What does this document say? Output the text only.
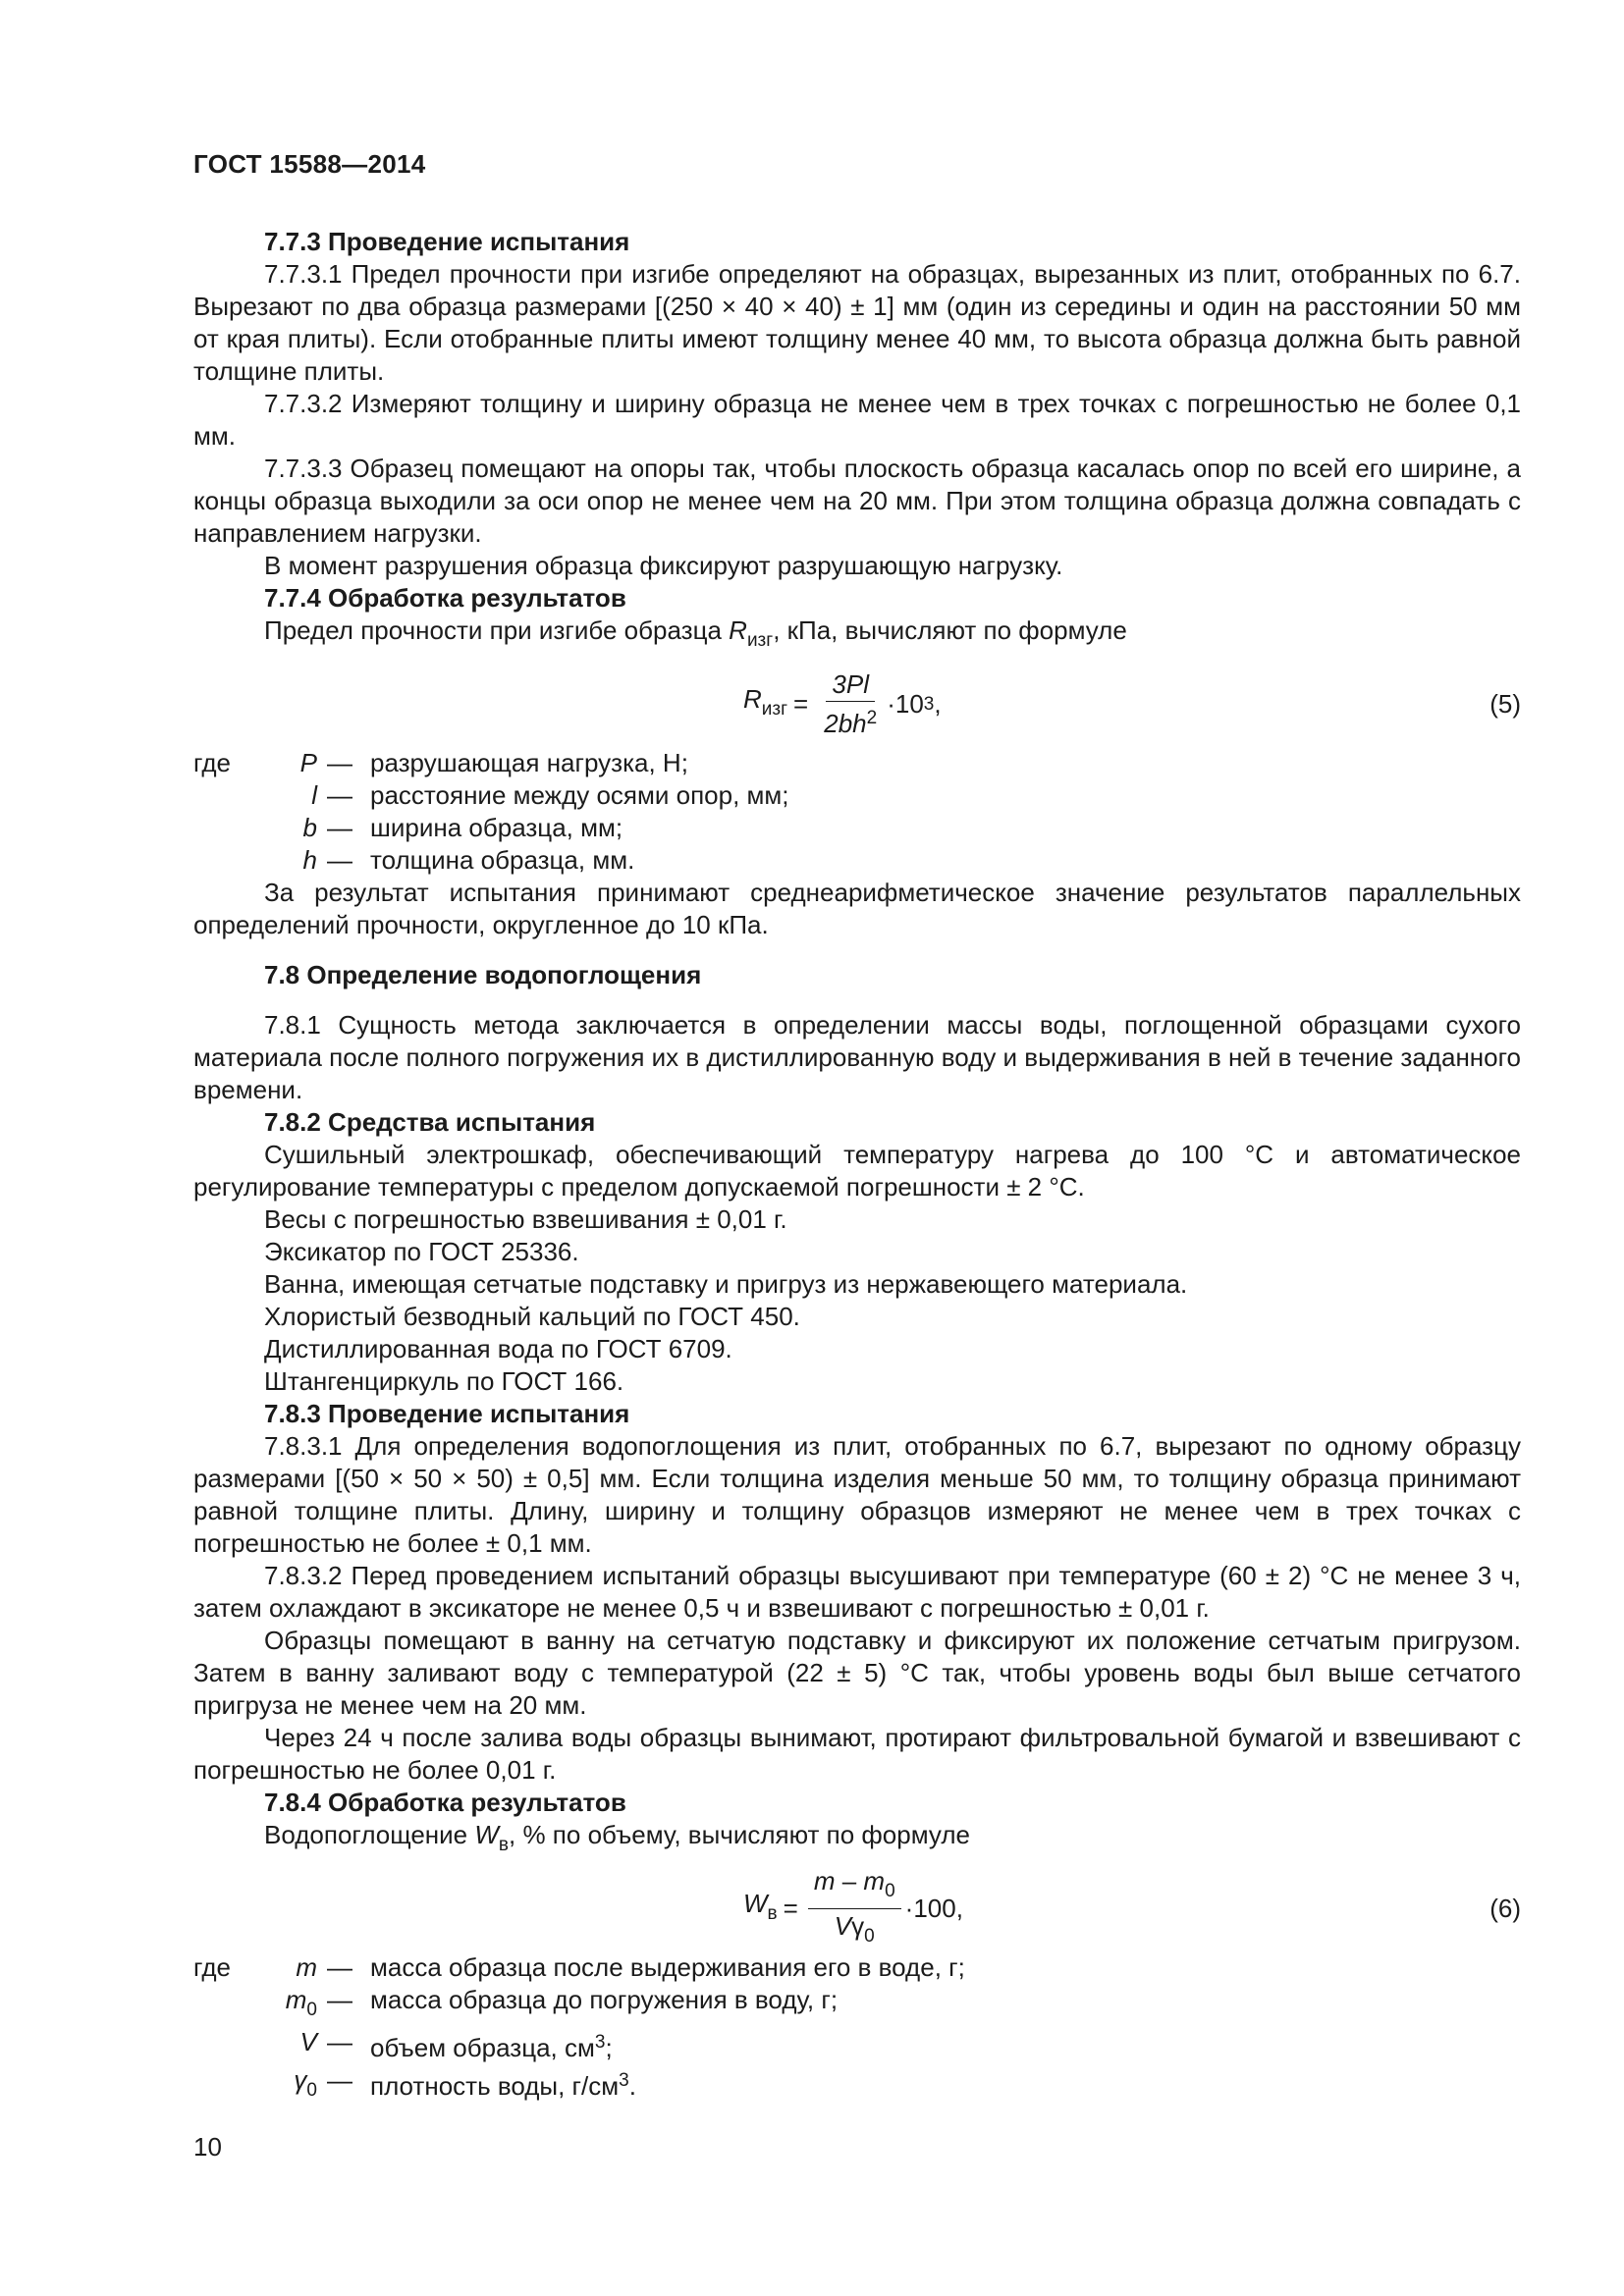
ГОСТ 15588—2014

7.7.3 Проведение испытания

7.7.3.1 Предел прочности при изгибе определяют на образцах, вырезанных из плит, отобранных по 6.7. Вырезают по два образца размерами [(250 × 40 × 40) ± 1] мм (один из середины и один на расстоянии 50 мм от края плиты). Если отобранные плиты имеют толщину менее 40 мм, то высота образца должна быть равной толщине плиты.

7.7.3.2 Измеряют толщину и ширину образца не менее чем в трех точках с погрешностью не более 0,1 мм.

7.7.3.3 Образец помещают на опоры так, чтобы плоскость образца касалась опор по всей его ширине, а концы образца выходили за оси опор не менее чем на 20 мм. При этом толщина образца должна совпадать с направлением нагрузки.

В момент разрушения образца фиксируют разрушающую нагрузку.

7.7.4 Обработка результатов

Предел прочности при изгибе образца $R_{изг}$, кПа, вычисляют по формуле

$R_{изг} = \frac{3Pl}{2bh^2} \cdot 10$ 3 ,	(5)
где	P — разрушающая нагрузка, Н;
l — расстояние между осями опор, мм;
b — ширина образца, мм;
h — толщина образца, мм.

За результат испытания принимают среднеарифметическое значение результатов параллельных определений прочности, округленное до 10 кПа.

7.8 Определение водопоглощения

7.8.1 Сущность метода заключается в определении массы воды, поглощенной образцами сухого материала после полного погружения их в дистиллированную воду и выдерживания в ней в течение заданного времени.

7.8.2 Средства испытания

Сушильный электрошкаф, обеспечивающий температуру нагрева до 100 °С и автоматическое регулирование температуры с пределом допускаемой погрешности ± 2 °С.

Весы с погрешностью взвешивания ± 0,01 г.

Эксикатор по ГОСТ 25336.

Ванна, имеющая сетчатые подставку и пригруз из нержавеющего материала.

Хлористый безводный кальций по ГОСТ 450.

Дистиллированная вода по ГОСТ 6709.

Штангенциркуль по ГОСТ 166.

7.8.3 Проведение испытания

7.8.3.1 Для определения водопоглощения из плит, отобранных по 6.7, вырезают по одному образцу размерами [(50 × 50 × 50) ± 0,5] мм. Если толщина изделия меньше 50 мм, то толщину образца принимают равной толщине плиты. Длину, ширину и толщину образцов измеряют не менее чем в трех точках с погрешностью не более ± 0,1 мм.

7.8.3.2 Перед проведением испытаний образцы высушивают при температуре (60 ± 2) °С не менее 3 ч, затем охлаждают в эксикаторе не менее 0,5 ч и взвешивают с погрешностью ± 0,01 г.

Образцы помещают в ванну на сетчатую подставку и фиксируют их положение сетчатым пригрузом. Затем в ванну заливают воду с температурой (22 ± 5) °С так, чтобы уровень воды был выше сетчатого пригруза не менее чем на 20 мм.

Через 24 ч после залива воды образцы вынимают, протирают фильтровальной бумагой и взвешивают с погрешностью не более 0,01 г.

7.8.4 Обработка результатов

Водопоглощение $W_в$, % по объему, вычисляют по формуле

$W_в = \frac{m - m_0}{V\gamma_0} \cdot 100$ ,	(6)
где	m — масса образца после выдерживания его в воде, г;
$m_0$ — масса образца до погружения в воду, г;
V — объем образца, $см^3$;
$\gamma_0$ — плотность воды, $г/см^3$.
10
